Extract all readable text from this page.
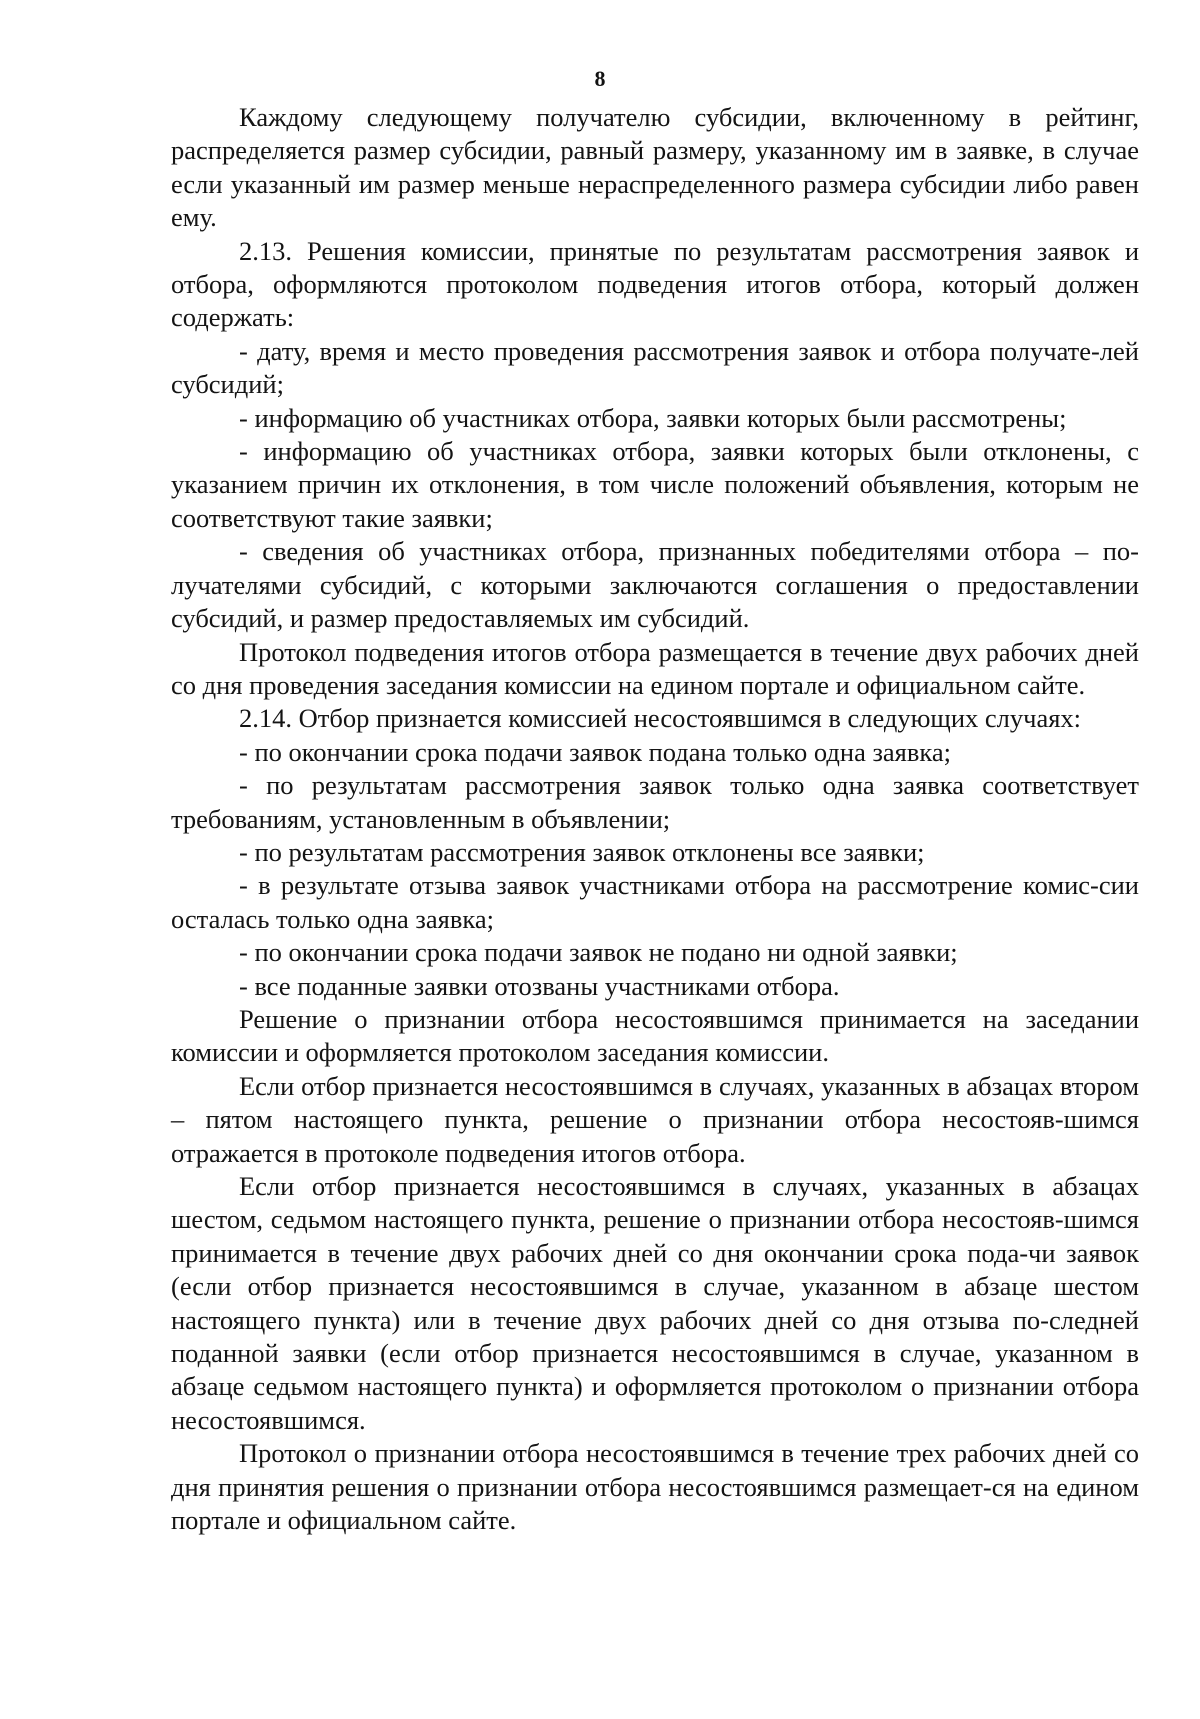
8

Каждому следующему получателю субсидии, включенному в рейтинг, распределяется размер субсидии, равный размеру, указанному им в заявке, в случае если указанный им размер меньше нераспределенного размера субсидии либо равен ему.

2.13. Решения комиссии, принятые по результатам рассмотрения заявок и отбора, оформляются протоколом подведения итогов отбора, который должен содержать:

- дату, время и место проведения рассмотрения заявок и отбора получате-лей субсидий;

- информацию об участниках отбора, заявки которых были рассмотрены;

- информацию об участниках отбора, заявки которых были отклонены, с указанием причин их отклонения, в том числе положений объявления, которым не соответствуют такие заявки;

- сведения об участниках отбора, признанных победителями отбора – по-лучателями субсидий, с которыми заключаются соглашения о предоставлении субсидий, и размер предоставляемых им субсидий.

Протокол подведения итогов отбора размещается в течение двух рабочих дней со дня проведения заседания комиссии на едином портале и официальном сайте.

2.14. Отбор признается комиссией несостоявшимся в следующих случаях:

- по окончании срока подачи заявок подана только одна заявка;

- по результатам рассмотрения заявок только одна заявка соответствует требованиям, установленным в объявлении;

- по результатам рассмотрения заявок отклонены все заявки;

- в результате отзыва заявок участниками отбора на рассмотрение комис-сии осталась только одна заявка;

- по окончании срока подачи заявок не подано ни одной заявки;

- все поданные заявки отозваны участниками отбора.

Решение о признании отбора несостоявшимся принимается на заседании комиссии и оформляется протоколом заседания комиссии.

Если отбор признается несостоявшимся в случаях, указанных в абзацах втором – пятом настоящего пункта, решение о признании отбора несостояв-шимся отражается в протоколе подведения итогов отбора.

Если отбор признается несостоявшимся в случаях, указанных в абзацах шестом, седьмом настоящего пункта, решение о признании отбора несостояв-шимся принимается в течение двух рабочих дней со дня окончании срока пода-чи заявок (если отбор признается несостоявшимся в случае, указанном в абзаце шестом настоящего пункта) или в течение двух рабочих дней со дня отзыва по-следней поданной заявки (если отбор признается несостоявшимся в случае, указанном в абзаце седьмом настоящего пункта) и оформляется протоколом о признании отбора несостоявшимся.

Протокол о признании отбора несостоявшимся в течение трех рабочих дней со дня принятия решения о признании отбора несостоявшимся размещает-ся на едином портале и официальном сайте.
